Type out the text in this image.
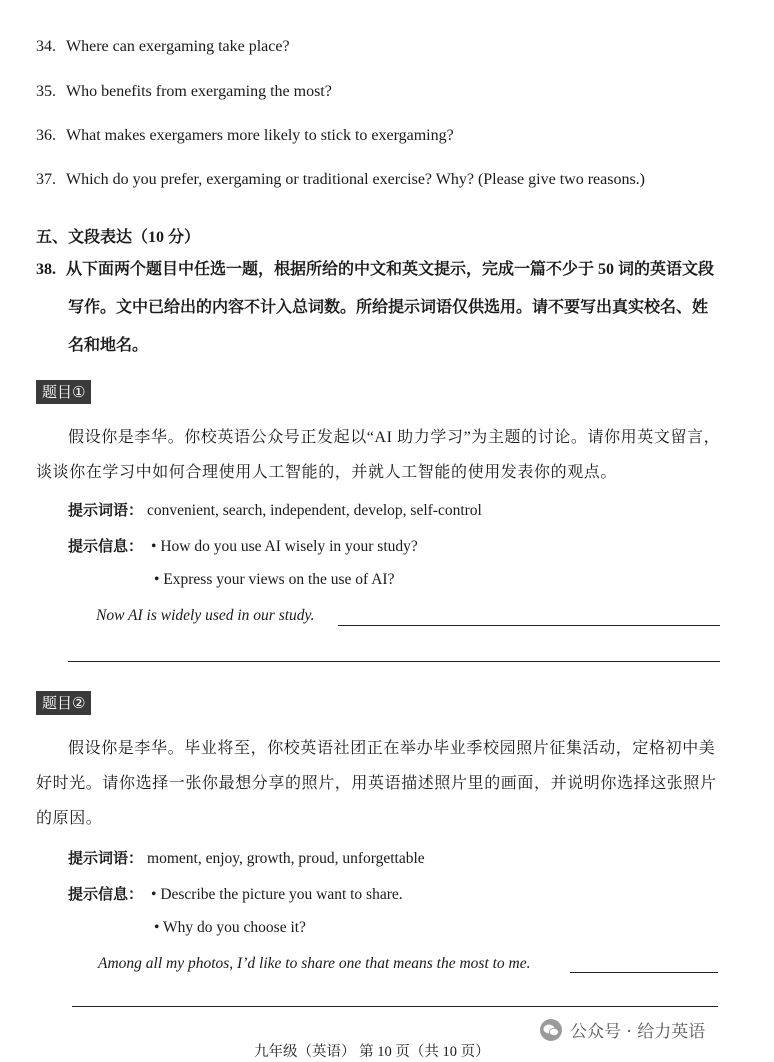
34. Where can exergaming take place?
35. Who benefits from exergaming the most?
36. What makes exergamers more likely to stick to exergaming?
37. Which do you prefer, exergaming or traditional exercise? Why? (Please give two reasons.)
五、文段表达（10 分）
38. 从下面两个题目中任选一题，根据所给的中文和英文提示，完成一篇不少于 50 词的英语文段
写作。文中已给出的内容不计入总词数。所给提示词语仅供选用。请不要写出真实校名、姓
名和地名。
题目①
假设你是李华。你校英语公众号正发起以“AI 助力学习”为主题的讨论。请你用英文留言，谈谈你在学习中如何合理使用人工智能的，并就人工智能的使用发表你的观点。
提示词语： convenient, search, independent, develop, self-control
提示信息： • How do you use AI wisely in your study?
• Express your views on the use of AI?
Now AI is widely used in our study.
题目②
假设你是李华。毕业将至，你校英语社团正在举办毕业季校园照片征集活动，定格初中美好时光。请你选择一张你最想分享的照片，用英语描述照片里的画面，并说明你选择这张照片的原因。
提示词语： moment, enjoy, growth, proud, unforgettable
提示信息： • Describe the picture you want to share.
• Why do you choose it?
Among all my photos, I’d like to share one that means the most to me.
九年级（英语） 第 10 页（共 10 页）
公众号 · 给力英语
